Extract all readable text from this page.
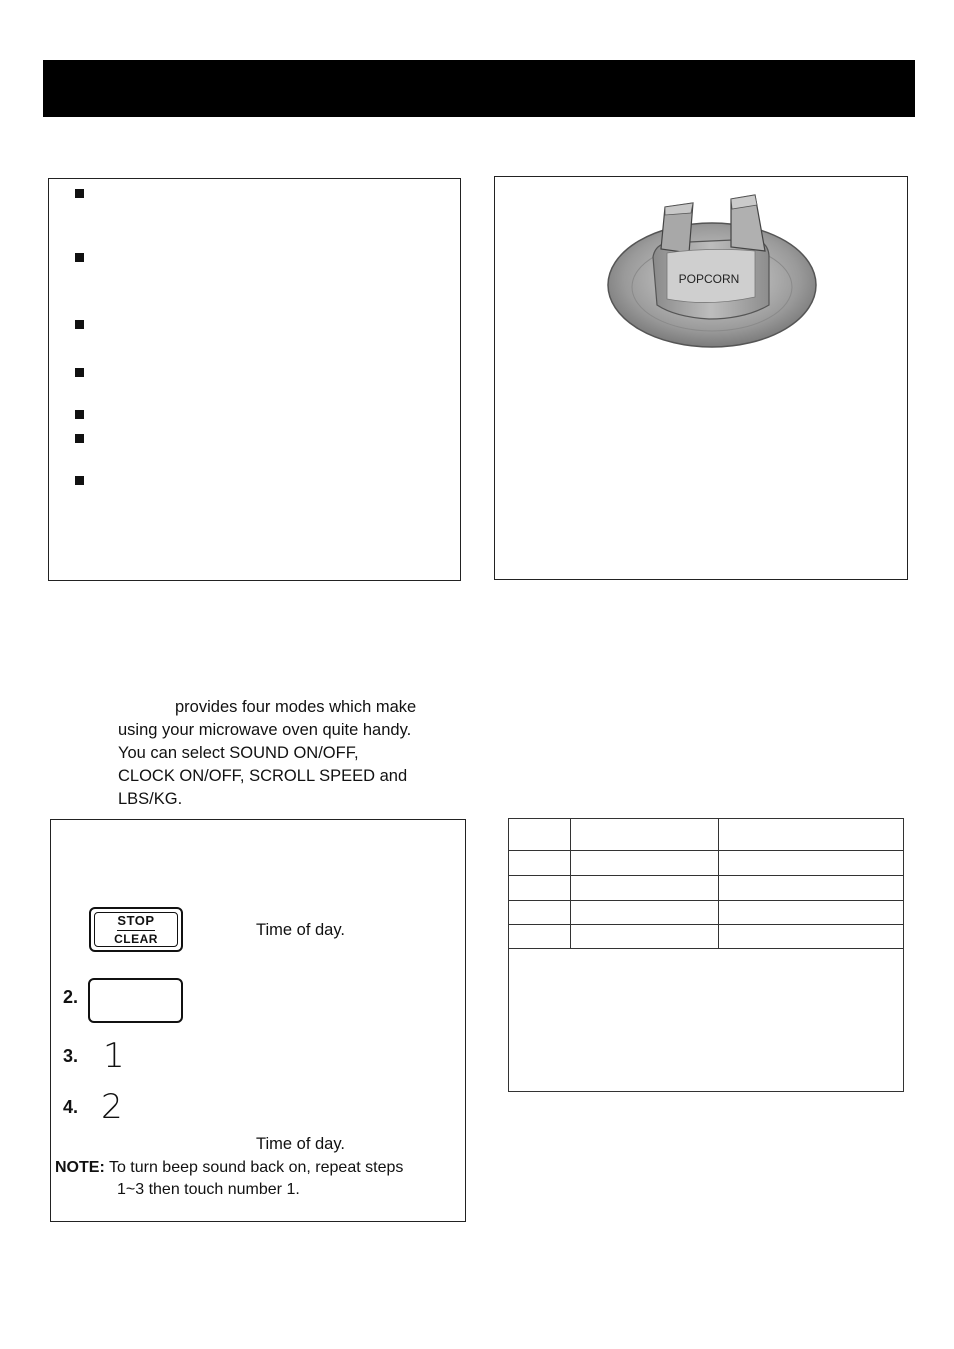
POPCORN
provides four modes which make
using your microwave oven quite handy.
You can select SOUND ON/OFF,
CLOCK ON/OFF, SCROLL SPEED and
LBS/KG.
STOP
CLEAR	Time of day.
2.
3. 1
4. 2
Time of day.
NOTE: To turn beep sound back on, repeat steps
1~3 then touch number 1.
